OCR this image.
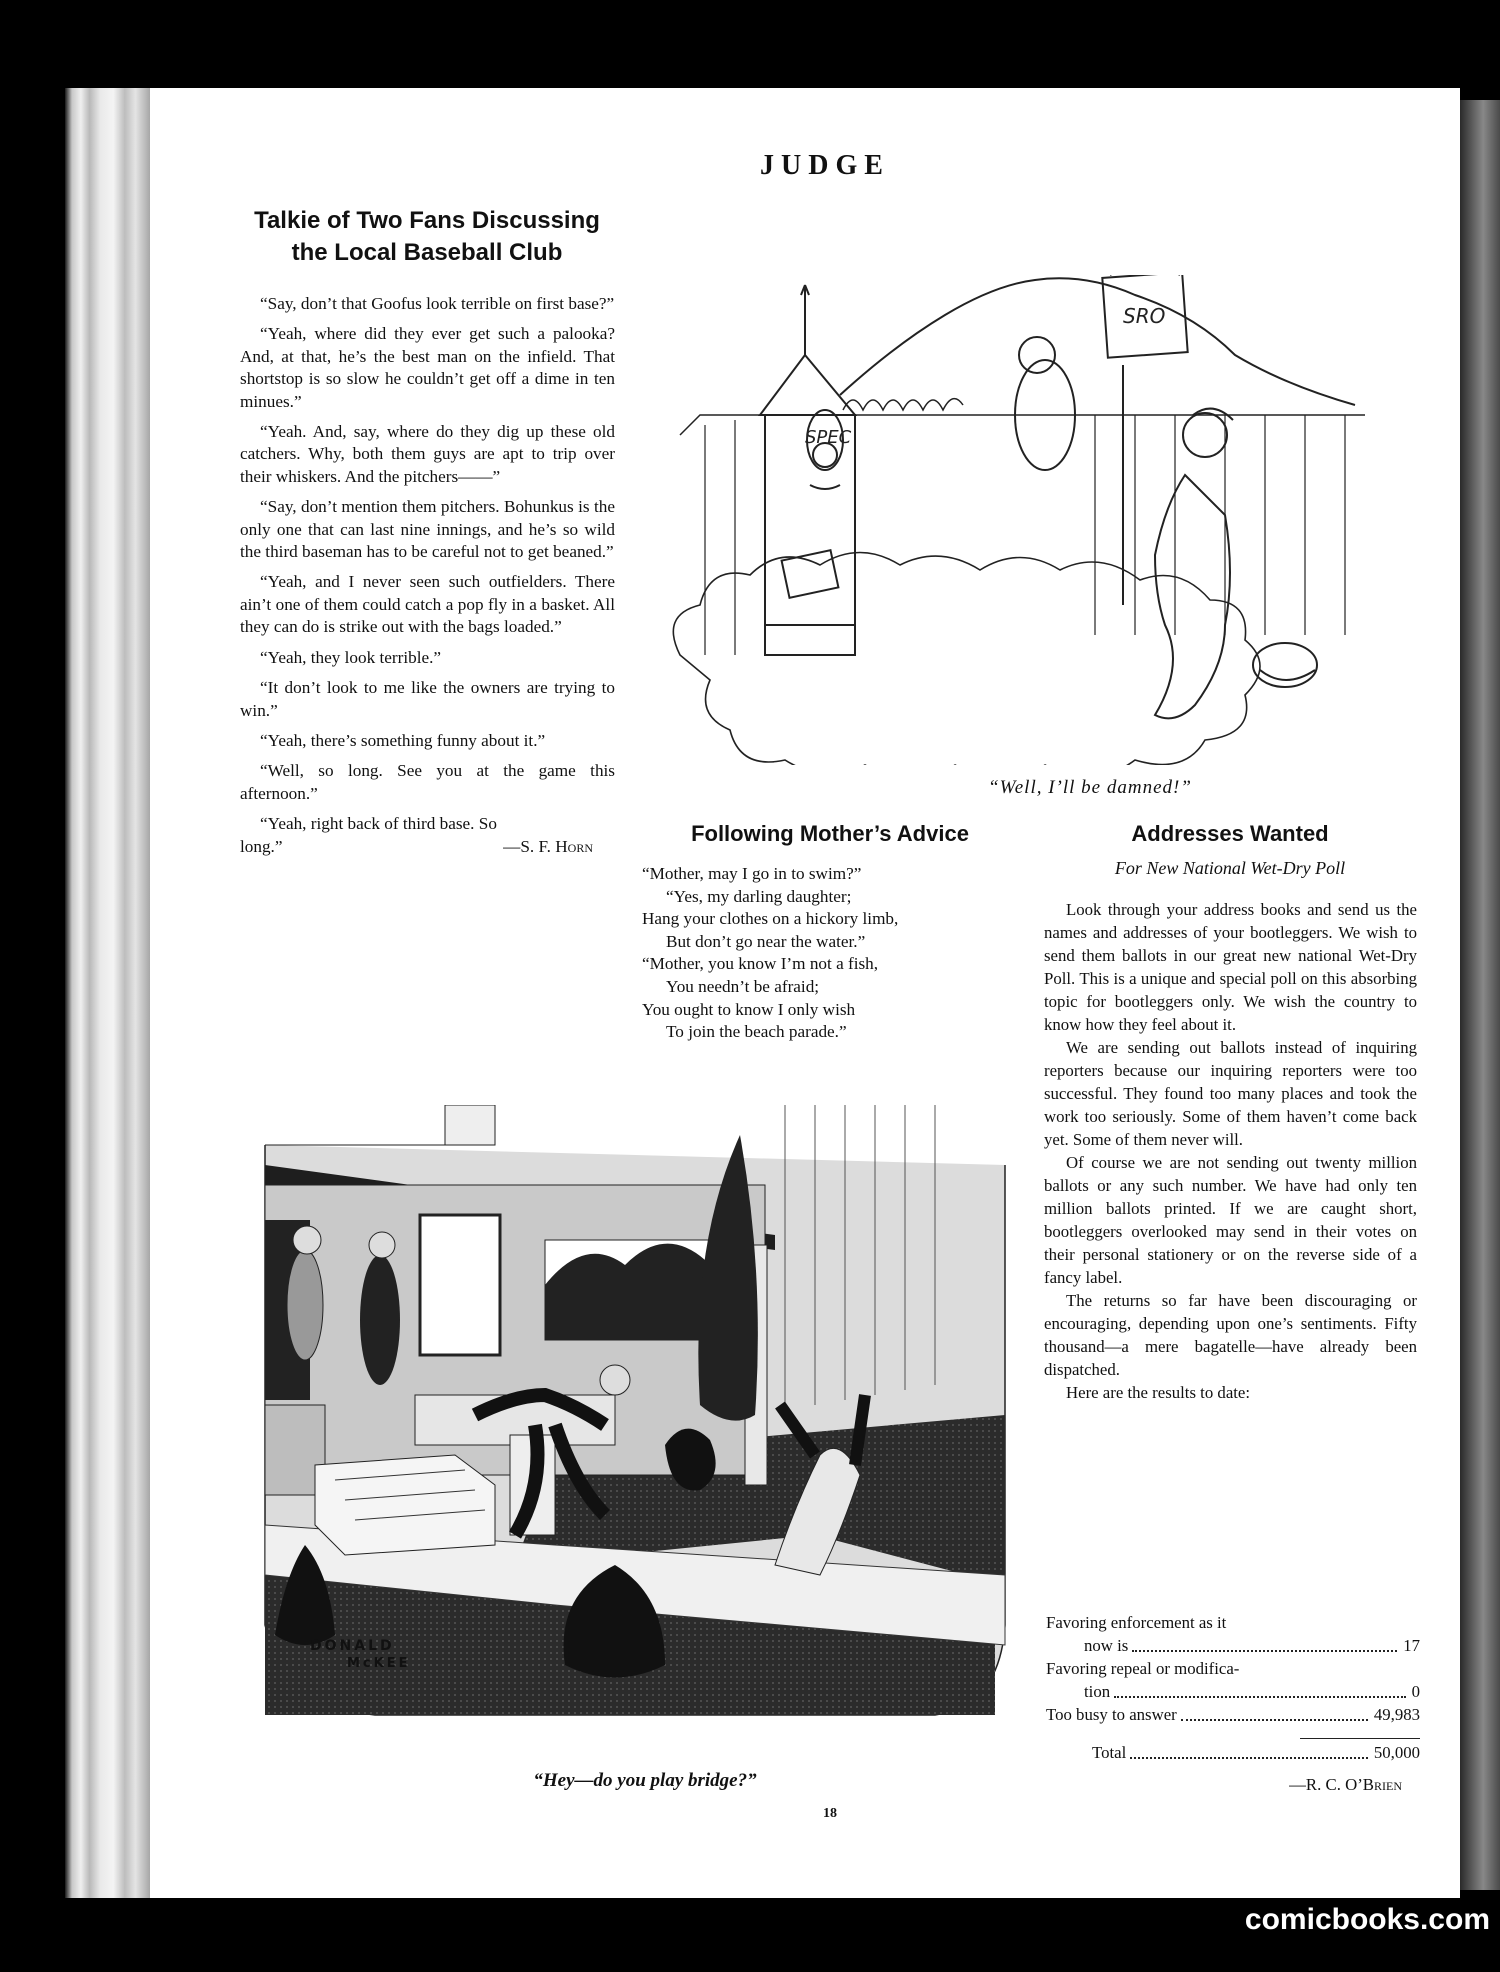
JUDGE
Talkie of Two Fans Discussing
the Local Baseball Club

“Say, don’t that Goofus look terrible on first base?”

“Yeah, where did they ever get such a palooka? And, at that, he’s the best man on the infield. That shortstop is so slow he couldn’t get off a dime in ten minues.”

“Yeah. And, say, where do they dig up these old catchers. Why, both them guys are apt to trip over their whiskers. And the pitchers——”

“Say, don’t mention them pitchers. Bohunkus is the only one that can last nine innings, and he’s so wild the third baseman has to be careful not to get beaned.”

“Yeah, and I never seen such outfielders. There ain’t one of them could catch a pop fly in a basket. All they can do is strike out with the bags loaded.”

“Yeah, they look terrible.”

“It don’t look to me like the owners are trying to win.”

“Yeah, there’s something funny about it.”

“Well, so long. See you at the game this afternoon.”

“Yeah, right back of third base. So

long.”	—S. F. Horn
SPEC
SRO
“Well, I’ll be damned!”
Following Mother’s Advice
“Mother, may I go in to swim?”
“Yes, my darling daughter;
Hang your clothes on a hickory limb,
But don’t go near the water.”
“Mother, you know I’m not a fish,
You needn’t be afraid;
You ought to know I only wish
To join the beach parade.”
Addresses Wanted
For New National Wet-Dry Poll

Look through your address books and send us the names and addresses of your bootleggers. We wish to send them ballots in our great new national Wet-Dry Poll. This is a unique and special poll on this absorbing topic for bootleggers only. We wish the country to know how they feel about it.

We are sending out ballots instead of inquiring reporters because our inquiring reporters were too successful. They found too many places and took the work too seriously. Some of them haven’t come back yet. Some of them never will.

Of course we are not sending out twenty million ballots or any such number. We have had only ten million ballots printed. If we are caught short, bootleggers overlooked may send in their votes on their personal stationery or on the reverse side of a fancy label.

The returns so far have been discouraging or encouraging, depending upon one’s sentiments. Fifty thousand—a mere bagatelle—have already been dispatched.

Here are the results to date:

Favoring enforcement as it
now is	17
Favoring repeal or modifica-
tion	0
Too busy to answer	49,983
Total	50,000
—R. C. O’Brien
DONALD
McKEE
“Hey—do you play bridge?”
18
comicbooks.com
